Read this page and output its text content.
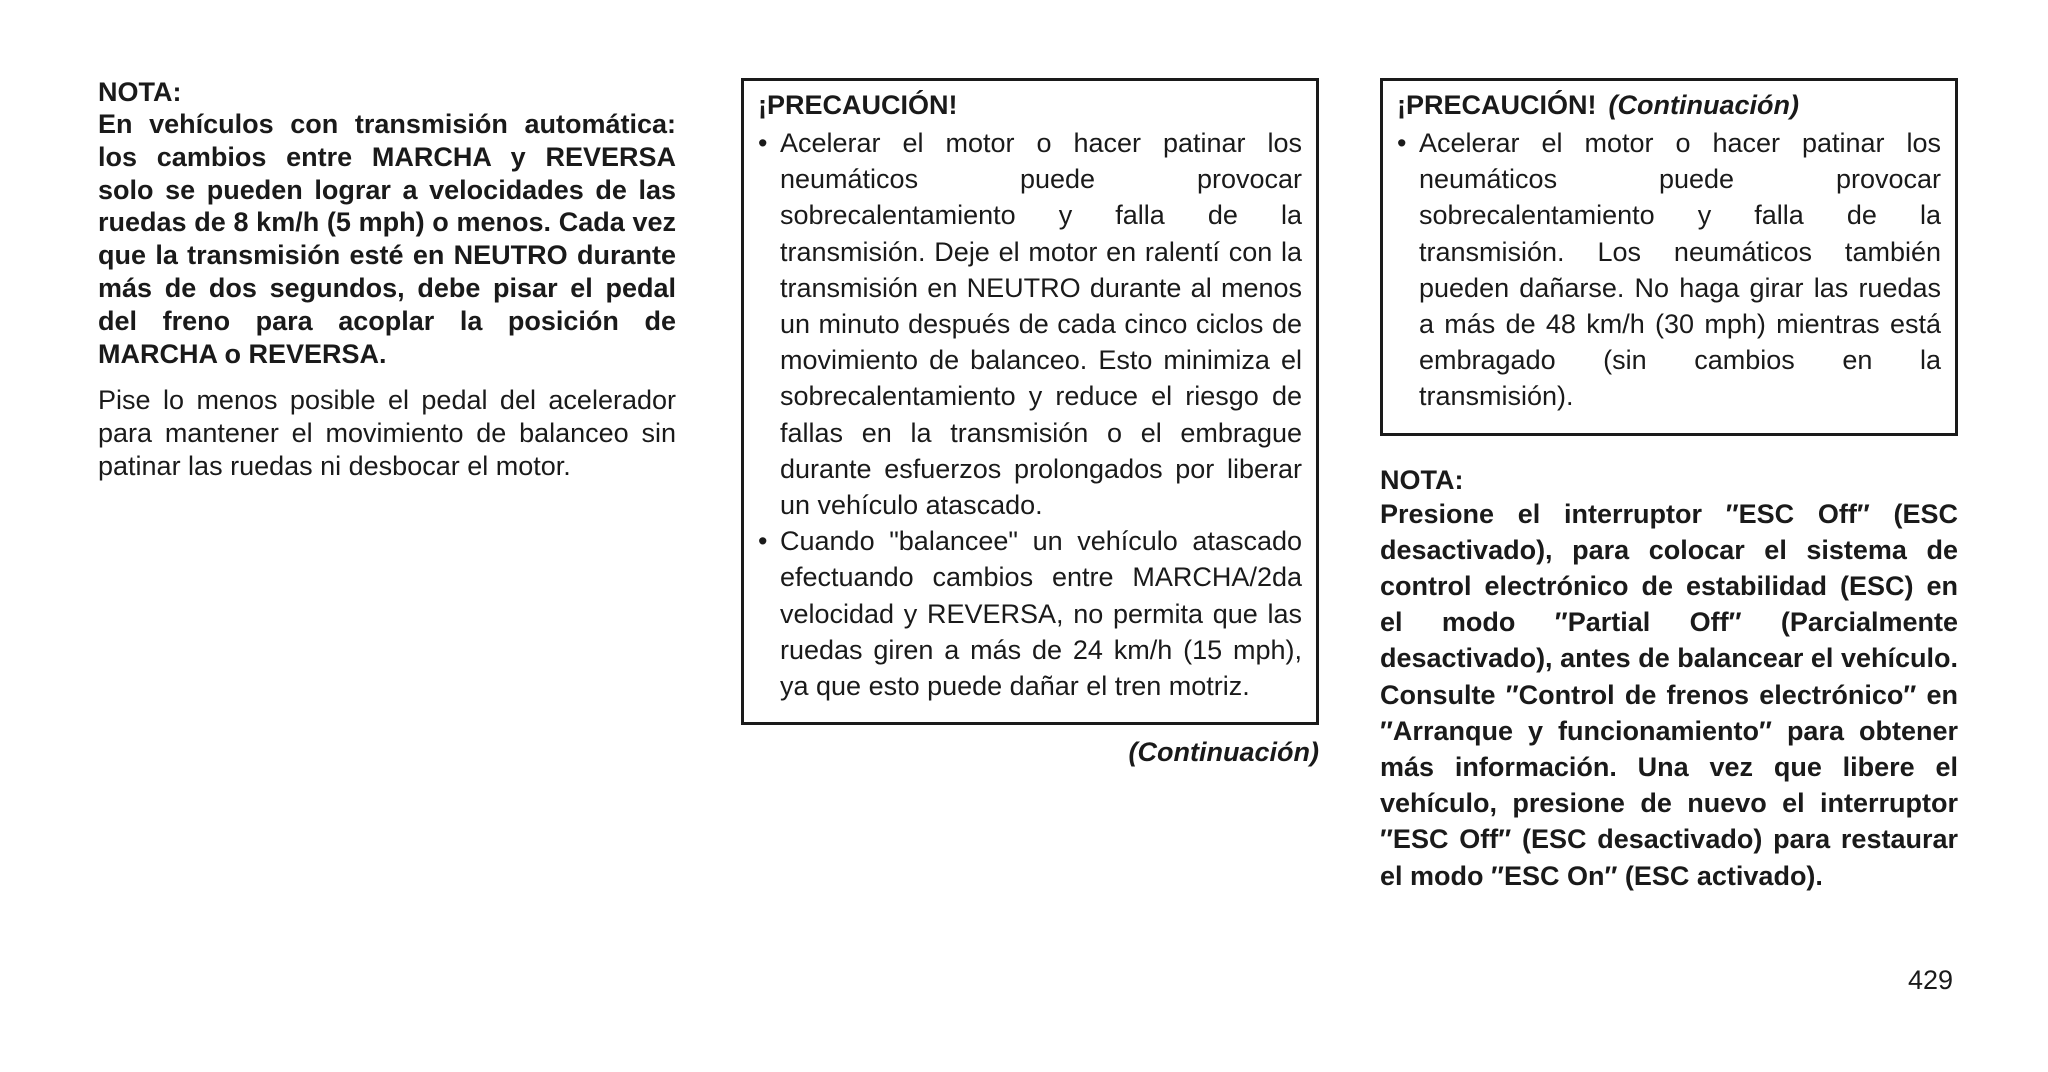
NOTA:

En vehículos con transmisión automática: los cambios entre MARCHA y REVERSA solo se pueden lograr a velocidades de las ruedas de 8 km/h (5 mph) o menos. Cada vez que la transmisión esté en NEUTRO durante más de dos segundos, debe pisar el pedal del freno para acoplar la posición de MARCHA o REVERSA.

Pise lo menos posible el pedal del acelerador para mantener el movimiento de balanceo sin patinar las ruedas ni desbocar el motor.

¡PRECAUCIÓN!

• Acelerar el motor o hacer patinar los neumáticos puede provocar sobrecalentamiento y falla de la transmisión. Deje el motor en ralentí con la transmisión en NEUTRO durante al menos un minuto después de cada cinco ciclos de movimiento de balanceo. Esto minimiza el sobrecalentamiento y reduce el riesgo de fallas en la transmisión o el embrague durante esfuerzos prolongados por liberar un vehículo atascado.
• Cuando "balancee" un vehículo atascado efectuando cambios entre MARCHA/2da velocidad y REVERSA, no permita que las ruedas giren a más de 24 km/h (15 mph), ya que esto puede dañar el tren motriz.

(Continuación)

¡PRECAUCIÓN! (Continuación)

• Acelerar el motor o hacer patinar los neumáticos puede provocar sobrecalentamiento y falla de la transmisión. Los neumáticos también pueden dañarse. No haga girar las ruedas a más de 48 km/h (30 mph) mientras está embragado (sin cambios en la transmisión).

NOTA:

Presione el interruptor ″ESC Off″ (ESC desactivado), para colocar el sistema de control electrónico de estabilidad (ESC) en el modo ″Partial Off″ (Parcialmente desactivado), antes de balancear el vehículo. Consulte ″Control de frenos electrónico″ en ″Arranque y funcionamiento″ para obtener más información. Una vez que libere el vehículo, presione de nuevo el interruptor ″ESC Off″ (ESC desactivado) para restaurar el modo ″ESC On″ (ESC activado).

429
